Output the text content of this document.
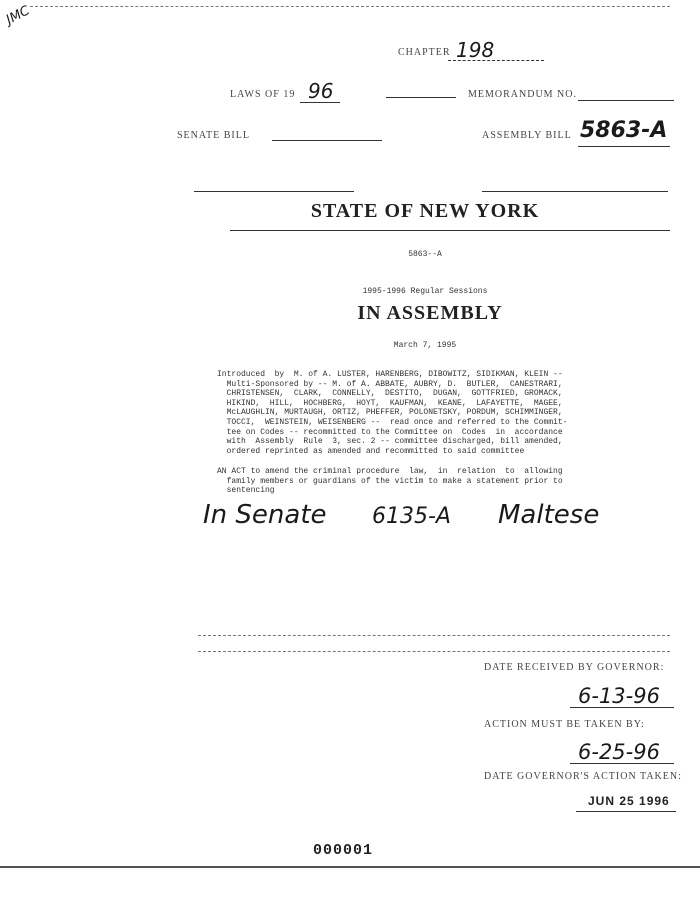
JMC
CHAPTER 198
LAWS OF 19 96	MEMORANDUM NO.
SENATE BILL	ASSEMBLY BILL 5863-A
STATE OF NEW YORK
5863--A
1995-1996 Regular Sessions
IN ASSEMBLY
March 7, 1995
Introduced  by  M. of A. LUSTER, HARENBERG, DIBOWITZ, SIDIKMAN, KLEIN --
Multi-Sponsored by -- M. of A. ABBATE, AUBRY, D.  BUTLER,  CANESTRARI,
CHRISTENSEN,  CLARK,  CONNELLY,  DESTITO,  DUGAN,  GOTTFRIED, GROMACK,
HIKIND,  HILL,  HOCHBERG,  HOYT,  KAUFMAN,  KEANE,  LAFAYETTE,  MAGEE,
McLAUGHLIN, MURTAUGH, ORTIZ, PHEFFER, POLONETSKY, PORDUM, SCHIMMINGER,
TOCCI,  WEINSTEIN, WEISENBERG --  read once and referred to the Commit-
tee on Codes -- recommitted to the Committee on  Codes  in  accordance
with  Assembly  Rule  3, sec. 2 -- committee discharged, bill amended,
ordered reprinted as amended and recommitted to said committee
AN ACT to amend the criminal procedure  law,  in  relation  to  allowing
family members or guardians of the victim to make a statement prior to
sentencing
In Senate 6135-A Maltese
DATE RECEIVED BY GOVERNOR:
6-13-96
ACTION MUST BE TAKEN BY:
6-25-96
DATE GOVERNOR'S ACTION TAKEN:
JUN 25 1996
000001
